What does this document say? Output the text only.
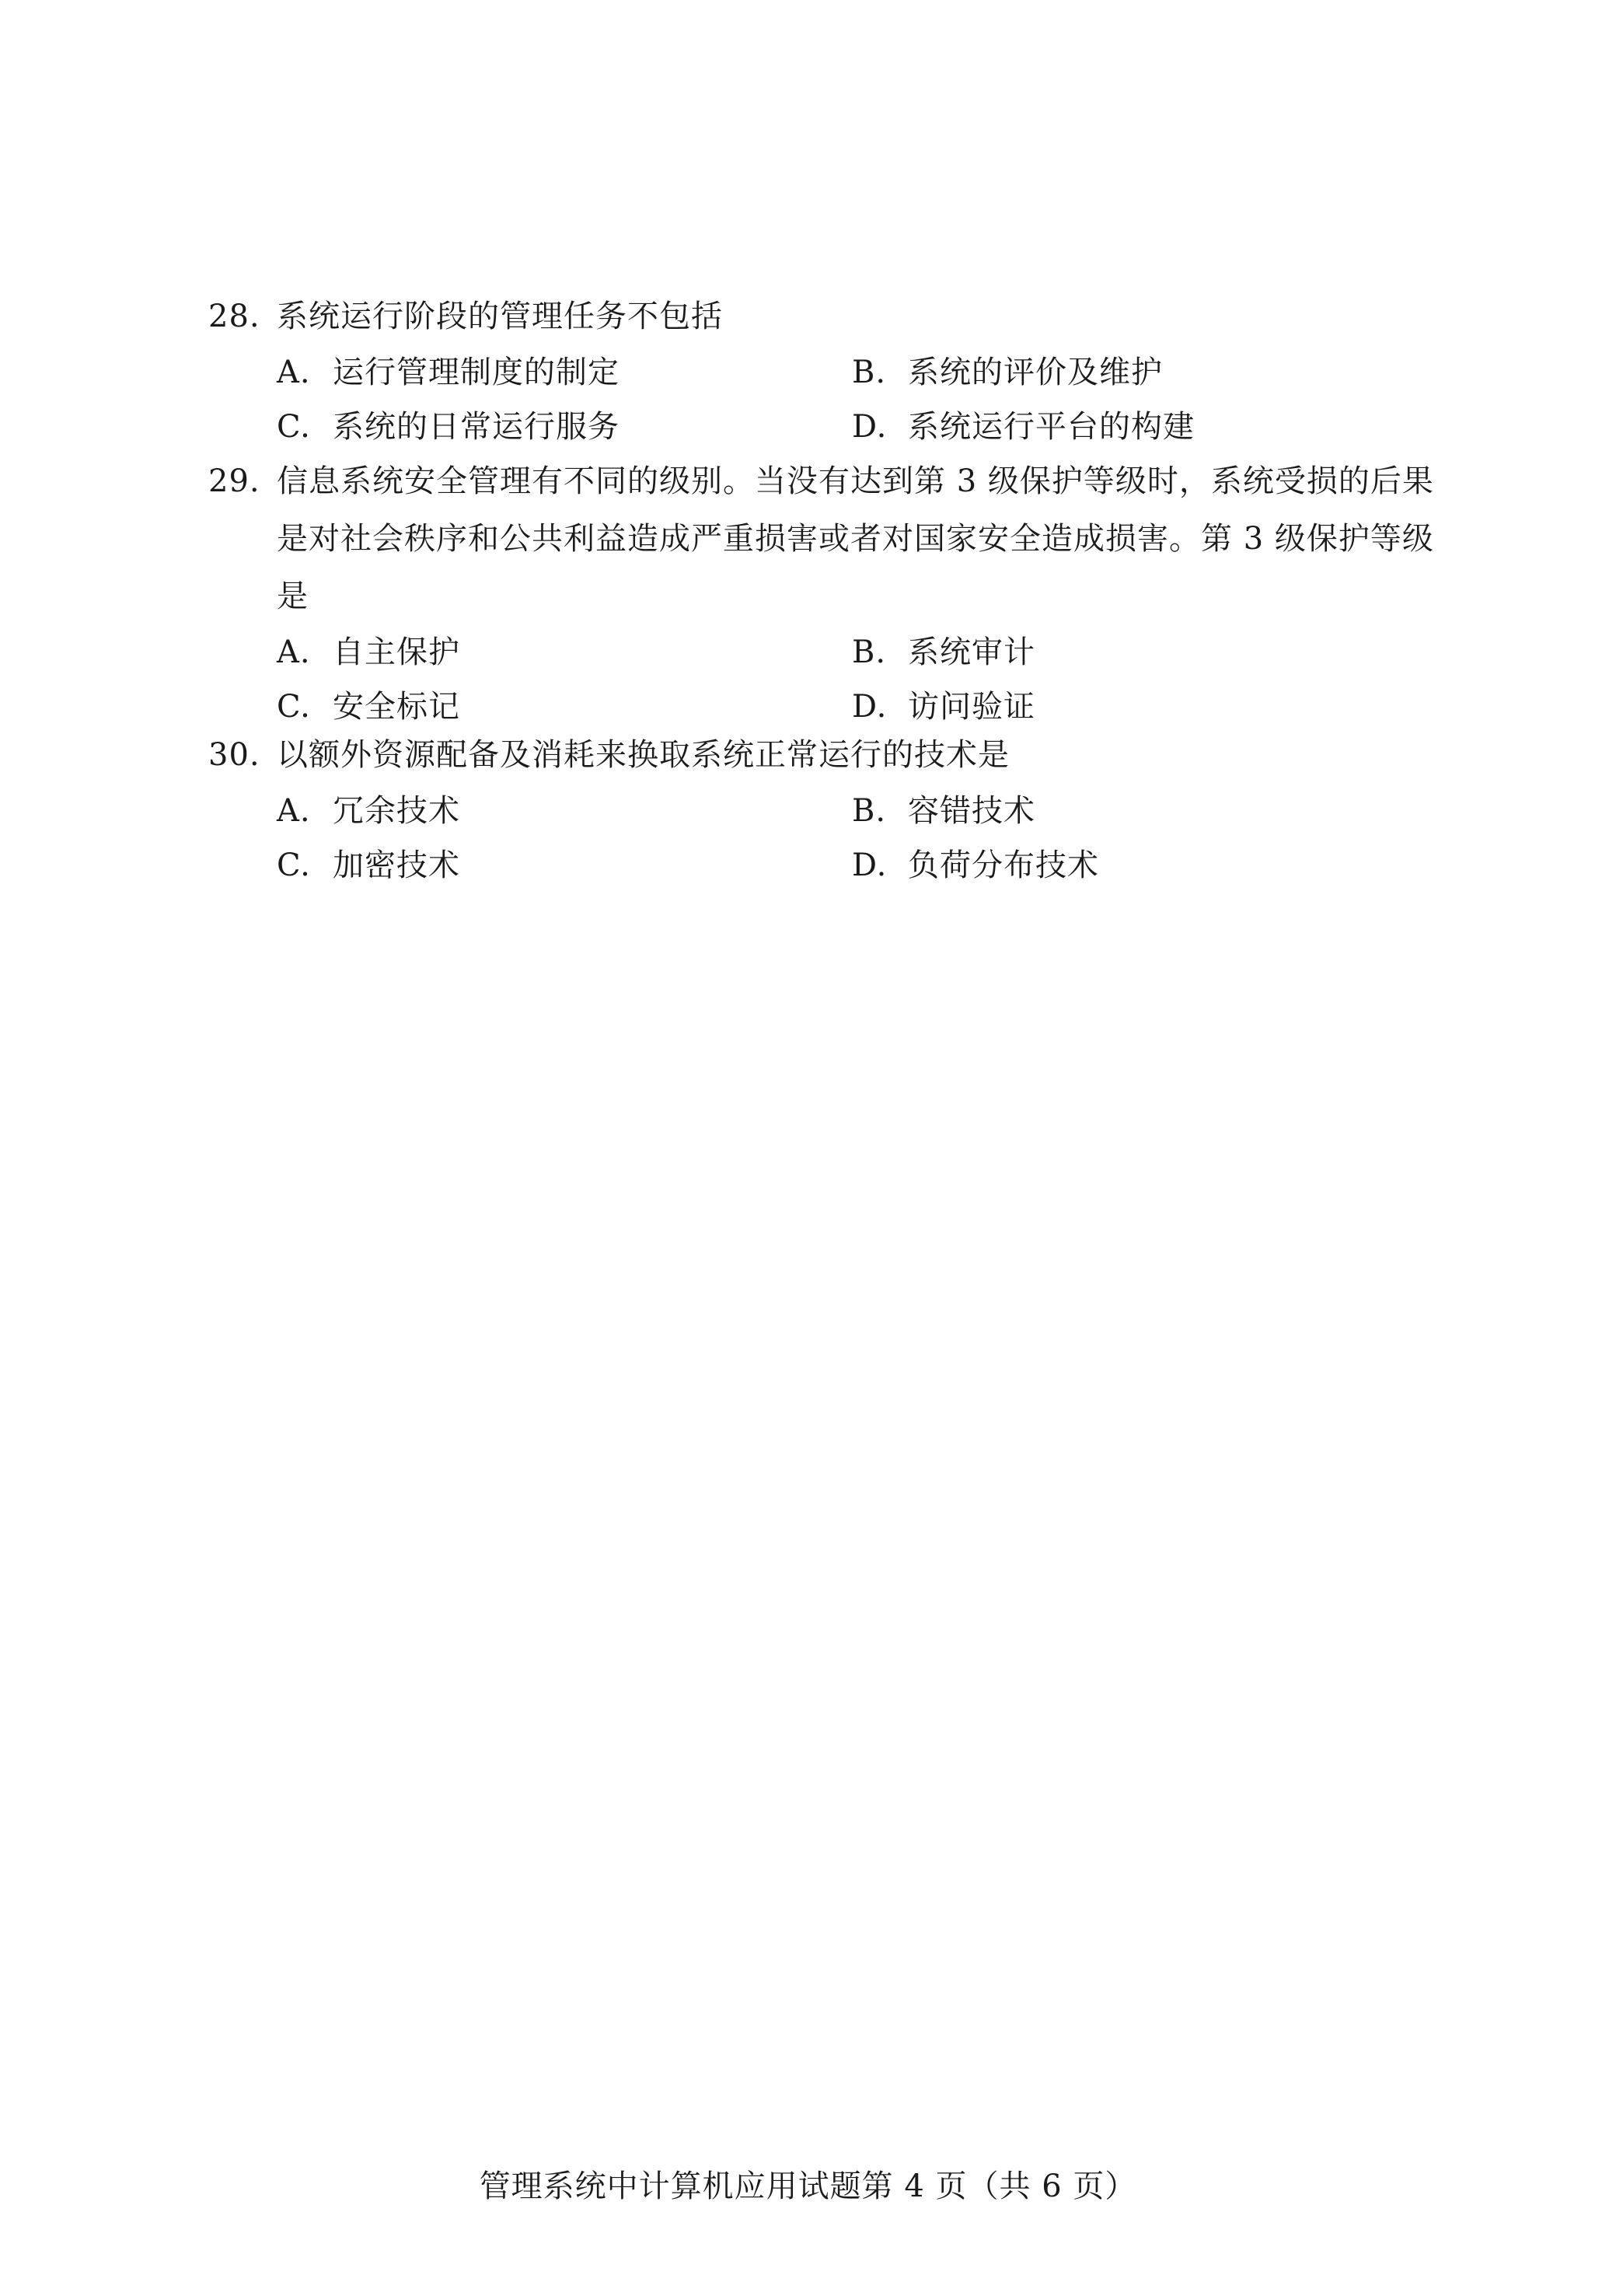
28. 系统运行阶段的管理任务不包括
A. 运行管理制度的制定	B. 系统的评价及维护
C. 系统的日常运行服务	D. 系统运行平台的构建
29. 信息系统安全管理有不同的级别。当没有达到第 3 级保护等级时，系统受损的后果是对社会秩序和公共利益造成严重损害或者对国家安全造成损害。第 3 级保护等级是
A. 自主保护	B. 系统审计
C. 安全标记	D. 访问验证
30. 以额外资源配备及消耗来换取系统正常运行的技术是
A. 冗余技术	B. 容错技术
C. 加密技术	D. 负荷分布技术
管理系统中计算机应用试题第 4 页（共 6 页）
